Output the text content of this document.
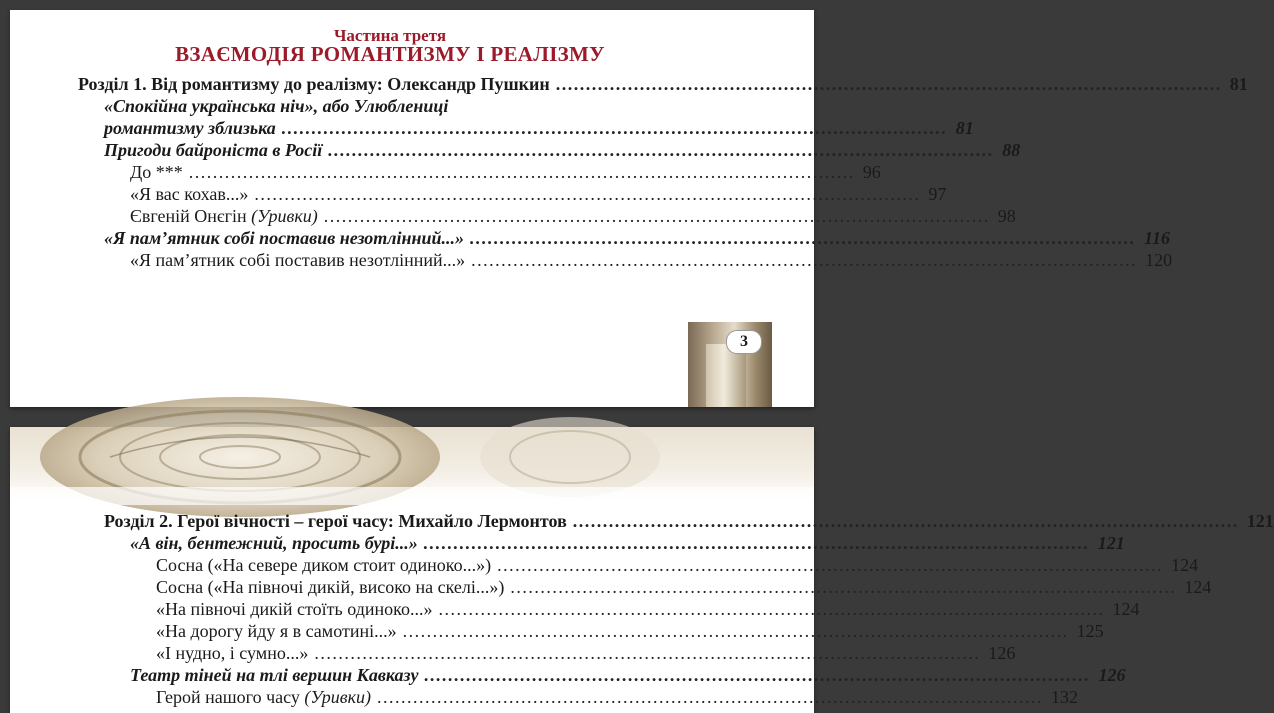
Частина третя
ВЗАЄМОДІЯ РОМАНТИЗМУ І РЕАЛІЗМУ
Розділ 1. Від романтизму до реалізму: Олександр Пушкин ............................................................................................................... 81
«Спокійна українська ніч», або Улюблениці
романтизму зблизька ............................................................................................................... 81
Пригоди байроніста в Росії ............................................................................................................... 88
До *** ............................................................................................................... 96
«Я вас кохав...» ............................................................................................................... 97
Євгеній Онєгін (Уривки) ............................................................................................................... 98
«Я пам’ятник собі поставив незотлінний...» ............................................................................................................... 116
«Я пам’ятник собі поставив незотлінний...» ............................................................................................................... 120
3
Розділ 2. Герої вічності – герої часу: Михайло Лермонтов ............................................................................................................... 121
«А він, бентежний, просить бурі...» ............................................................................................................... 121
Сосна («На севере диком стоит одиноко...») ............................................................................................................... 124
Сосна («На півночі дикій, високо на скелі...») ............................................................................................................... 124
«На півночі дикій стоїть одиноко...» ............................................................................................................... 124
«На дорогу йду я в самотині...» ............................................................................................................... 125
«І нудно, і сумно...» ............................................................................................................... 126
Театр тіней на тлі вершин Кавказу ............................................................................................................... 126
Герой нашого часу (Уривки) ............................................................................................................... 132
